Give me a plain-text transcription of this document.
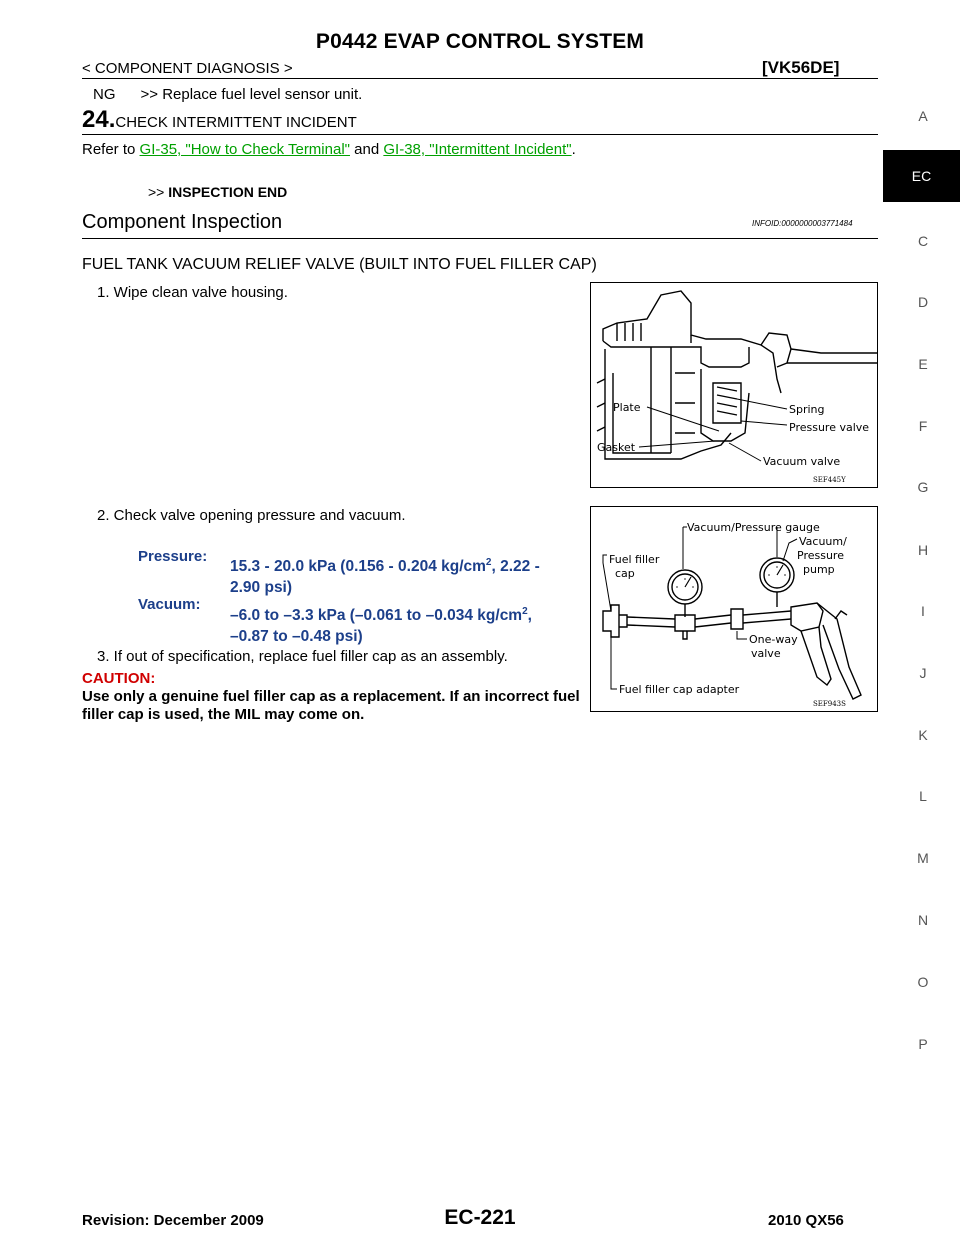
P0442 EVAP CONTROL SYSTEM
< COMPONENT DIAGNOSIS >	[VK56DE]
NG      >> Replace fuel level sensor unit.
24.CHECK INTERMITTENT INCIDENT
Refer to GI-35, "How to Check Terminal" and GI-38, "Intermittent Incident".
>> INSPECTION END
Component Inspection	INFOID:0000000003771484
FUEL TANK VACUUM RELIEF VALVE (BUILT INTO FUEL FILLER CAP)
1. Wipe clean valve housing.
2. Check valve opening pressure and vacuum.
Pressure:
15.3 - 20.0 kPa (0.156 - 0.204 $kg/cm^2$, 2.22 -
2.90 psi)
Vacuum:
–6.0 to –3.3 kPa (–0.061 to –0.034 $kg/cm^2$,
–0.87 to –0.48 psi)
3. If out of specification, replace fuel filler cap as an assembly.
CAUTION:
Use only a genuine fuel filler cap as a replacement. If an incorrect fuel filler cap is used, the MIL may come on.
Plate	Spring
Pressure valve
Gasket
Vacuum valve
SEF445Y
Vacuum/Pressure gauge
Fuel filler
cap
Vacuum/
Pressure
pump
One-way
valve
Fuel filler cap adapter
SEF943S
A
C
D
E
F
G
H
I
J
K
L
M
N
O
P
EC
Revision: December 2009	EC-221	2010 QX56
